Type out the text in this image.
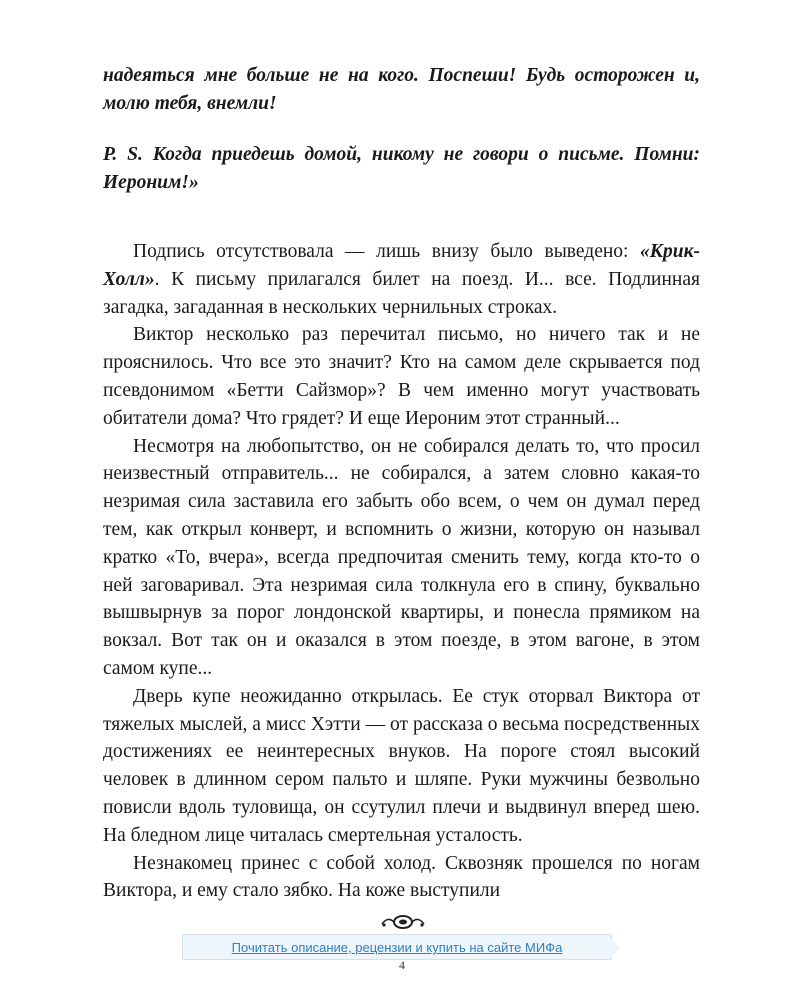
надеяться мне больше не на кого. Поспеши! Будь осторожен и, молю тебя, внемли!

P. S. Когда приедешь домой, никому не говори о письме. Помни: Иероним!»

Подпись отсутствовала — лишь внизу было выведено: «Крик-Холл». К письму прилагался билет на поезд. И... все. Подлинная загадка, загаданная в нескольких чернильных строках.

Виктор несколько раз перечитал письмо, но ничего так и не прояснилось. Что все это значит? Кто на самом деле скрывается под псевдонимом «Бетти Сайзмор»? В чем именно могут участвовать обитатели дома? Что грядет? И еще Иероним этот странный...

Несмотря на любопытство, он не собирался делать то, что просил неизвестный отправитель... не собирался, а затем словно какая-то незримая сила заставила его забыть обо всем, о чем он думал перед тем, как открыл конверт, и вспомнить о жизни, которую он называл кратко «То, вчера», всегда предпочитая сменить тему, когда кто-то о ней заговаривал. Эта незримая сила толкнула его в спину, буквально вышвырнув за порог лондонской квартиры, и понесла прямиком на вокзал. Вот так он и оказался в этом поезде, в этом вагоне, в этом самом купе...

Дверь купе неожиданно открылась. Ее стук оторвал Виктора от тяжелых мыслей, а мисс Хэтти — от рассказа о весьма посредственных достижениях ее неинтересных внуков. На пороге стоял высокий человек в длинном сером пальто и шляпе. Руки мужчины безвольно повисли вдоль туловища, он ссутулил плечи и выдвинул вперед шею. На бледном лице читалась смертельная усталость.

Незнакомец принес с собой холод. Сквозняк прошелся по ногам Виктора, и ему стало зябко. На коже выступили

Почитать описание, рецензии и купить на сайте МИФа
4
